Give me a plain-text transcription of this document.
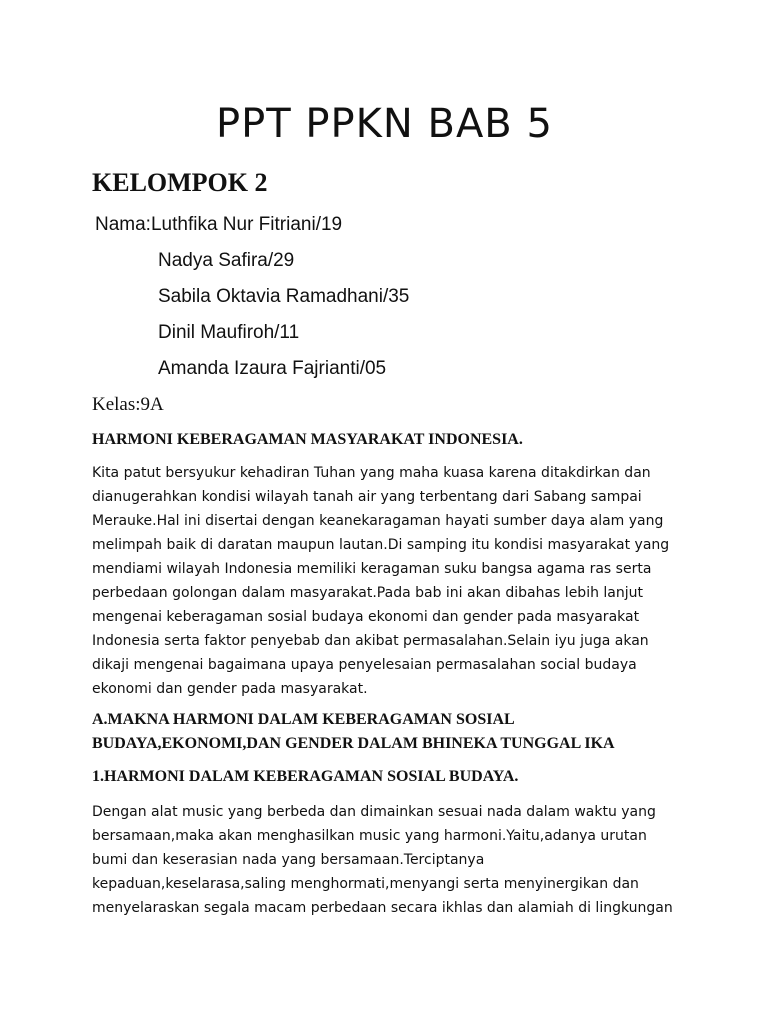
PPT PPKN BAB 5
KELOMPOK 2
Nama:Luthfika Nur Fitriani/19
Nadya Safira/29
Sabila Oktavia Ramadhani/35
Dinil Maufiroh/11
Amanda Izaura Fajrianti/05

Kelas:9A

HARMONI KEBERAGAMAN MASYARAKAT INDONESIA.

Kita patut bersyukur kehadiran Tuhan yang maha kuasa karena ditakdirkan dan
dianugerahkan kondisi wilayah tanah air yang terbentang dari Sabang sampai
Merauke.Hal ini disertai dengan keanekaragaman hayati sumber daya alam yang
melimpah baik di daratan maupun lautan.Di samping itu kondisi masyarakat yang
mendiami wilayah Indonesia memiliki keragaman suku bangsa agama ras serta
perbedaan golongan dalam masyarakat.Pada bab ini akan dibahas lebih lanjut
mengenai keberagaman sosial budaya ekonomi dan gender pada masyarakat
Indonesia serta faktor penyebab dan akibat permasalahan.Selain iyu juga akan
dikaji mengenai bagaimana upaya penyelesaian permasalahan social budaya
ekonomi dan gender pada masyarakat.

A.MAKNA HARMONI DALAM KEBERAGAMAN SOSIAL
BUDAYA,EKONOMI,DAN GENDER DALAM BHINEKA TUNGGAL IKA
1.HARMONI DALAM KEBERAGAMAN SOSIAL BUDAYA.

Dengan alat music yang berbeda dan dimainkan sesuai nada dalam waktu yang
bersamaan,maka akan menghasilkan music yang harmoni.Yaitu,adanya urutan
bumi dan keserasian nada yang bersamaan.Terciptanya
kepaduan,keselarasa,saling menghormati,menyangi serta menyinergikan dan
menyelaraskan segala macam perbedaan secara ikhlas dan alamiah di lingkungan
